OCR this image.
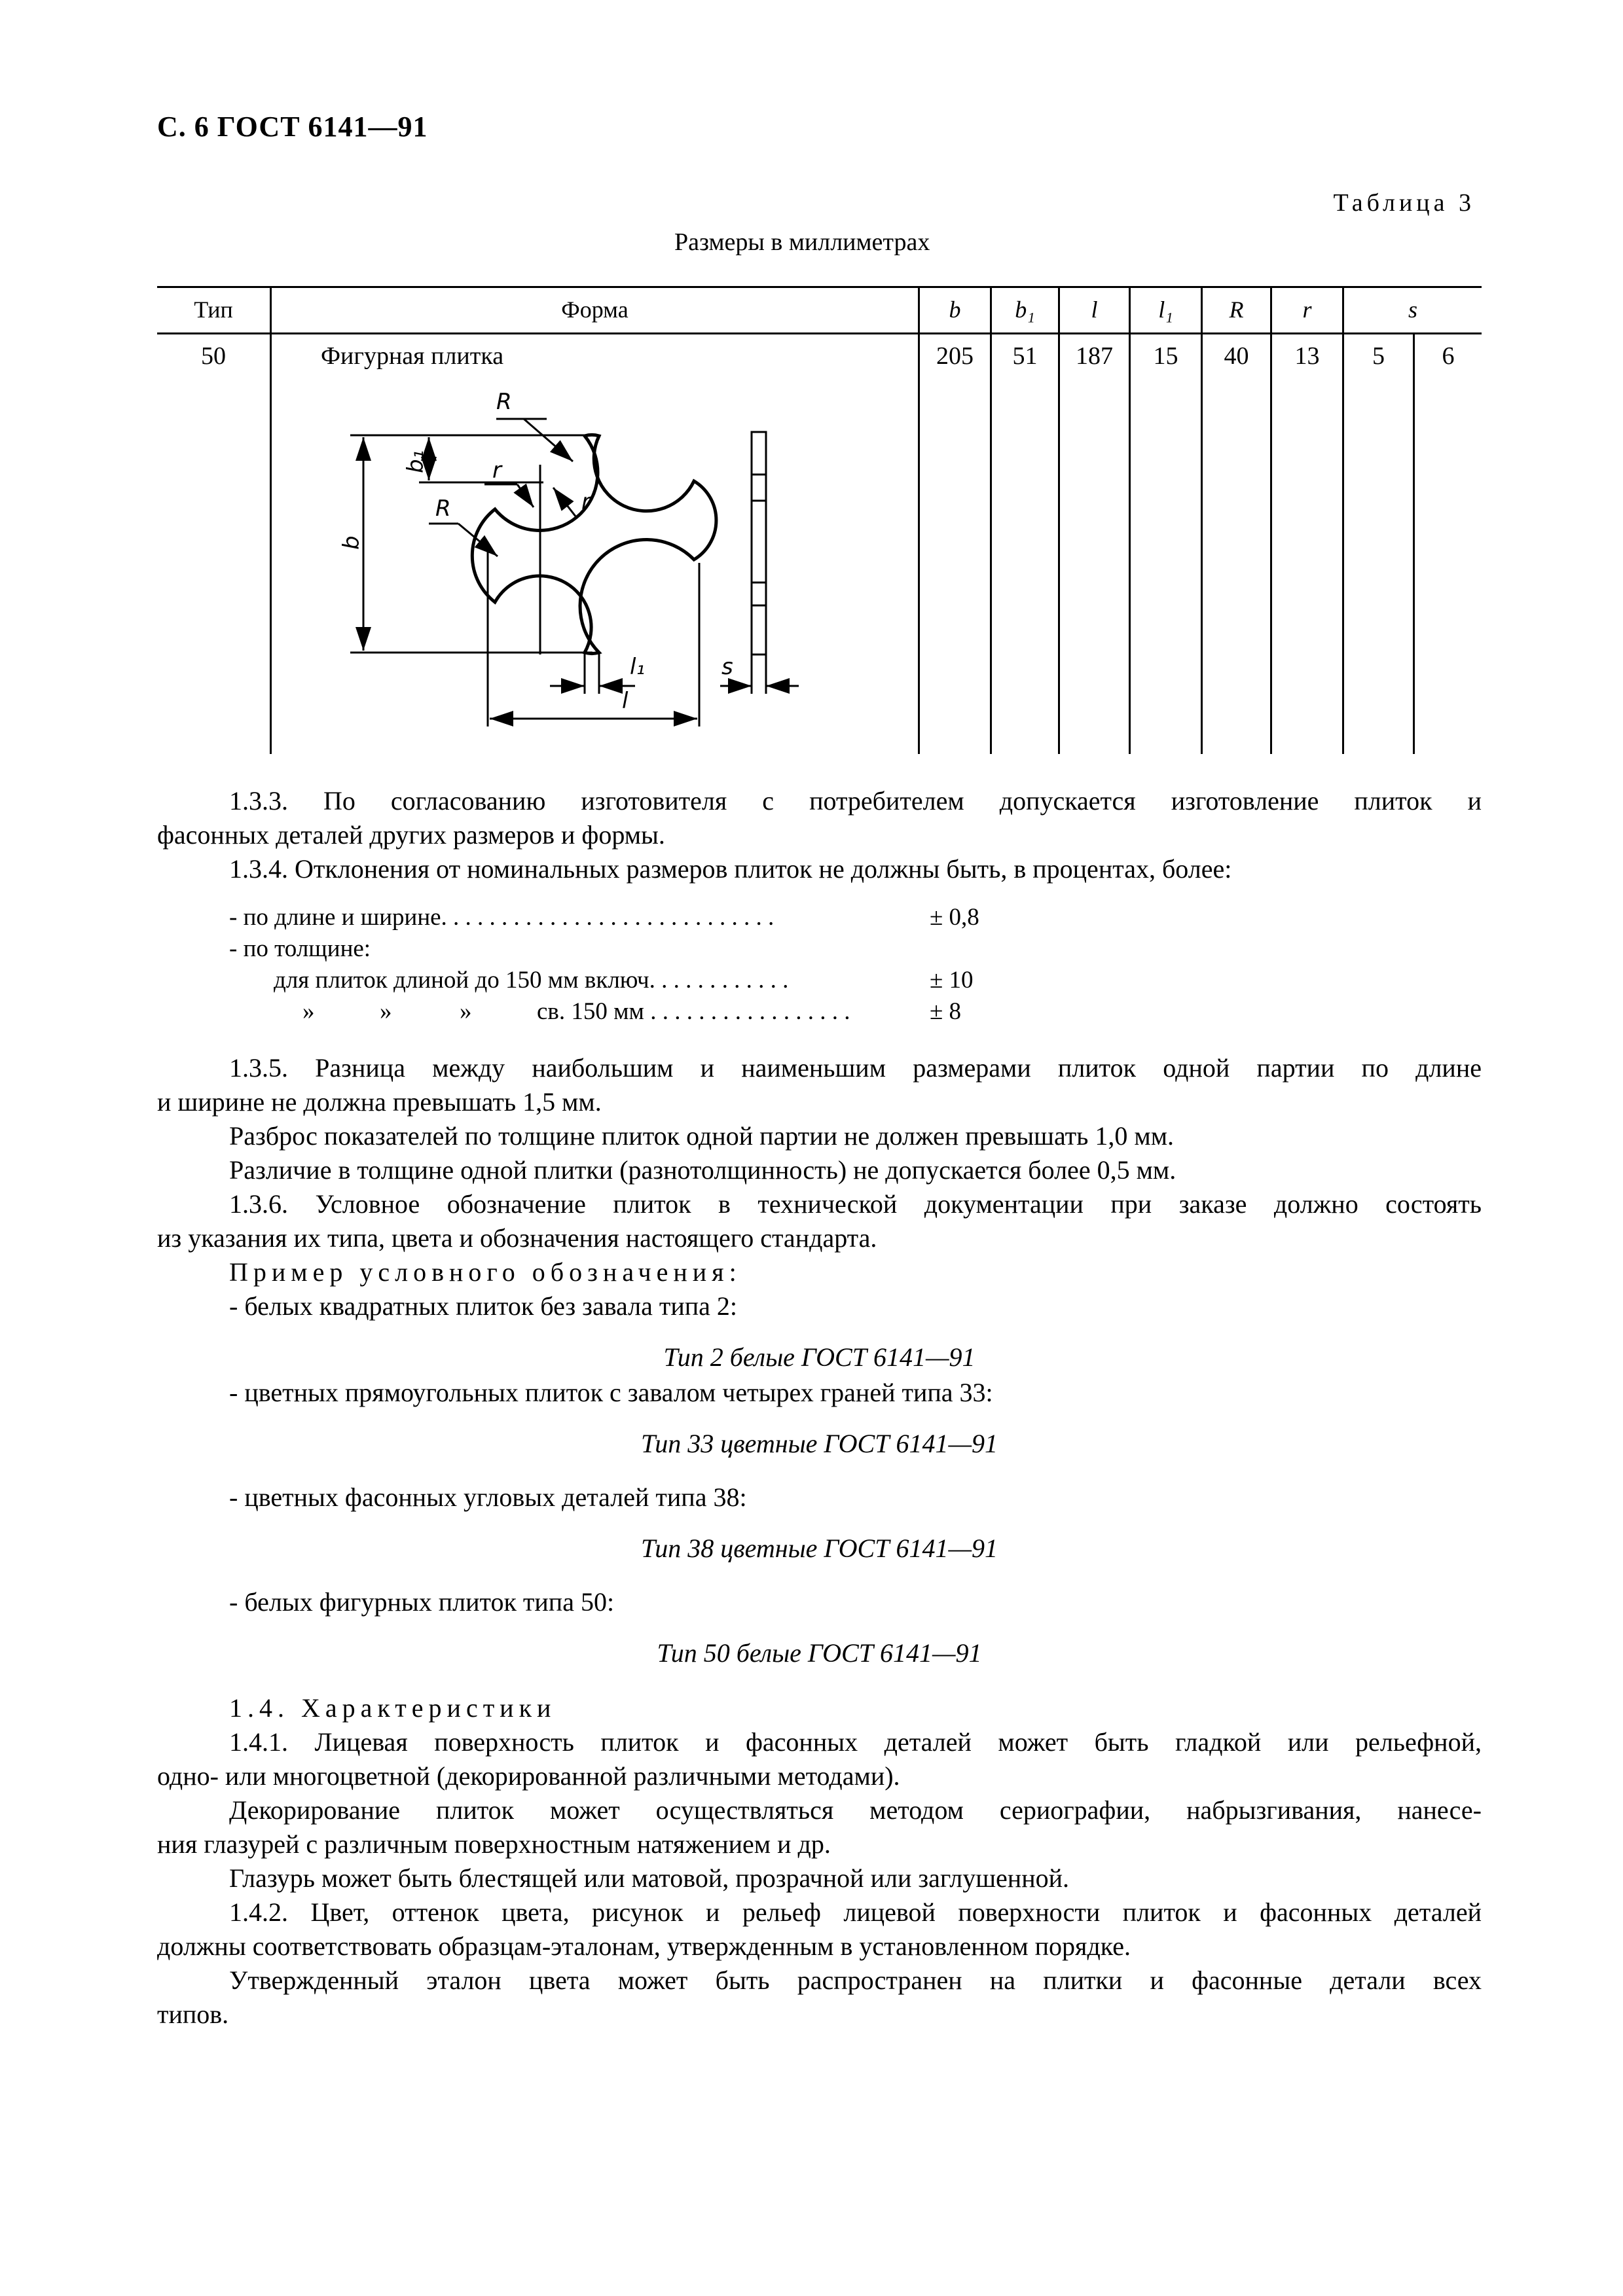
С. 6 ГОСТ 6141—91
Таблица 3
Размеры в миллиметрах
Тип	Форма	b	b₁	l	l₁	R	r	s
50	Фигурная плитка	205	51	187	15	40	13	5	6
R
b₁	r
r
R
b
l₁
l
s
1.3.3. По согласованию изготовителя с потребителем допускается изготовление плиток и
фасонных деталей других размеров и формы.
1.3.4. Отклонения от номинальных размеров плиток не должны быть, в процентах, более:
- по длине и ширине. . . . . . . . . . . . . . . . . . . . . . . . . . . .	± 0,8
- по толщине:
для плиток длиной до 150 мм включ. . . . . . . . . . . .	± 10
»	»	»	св. 150 мм . . . . . . . . . . . . . . . . .	± 8
1.3.5. Разница между наибольшим и наименьшим размерами плиток одной партии по длине
и ширине не должна превышать 1,5 мм.
Разброс показателей по толщине плиток одной партии не должен превышать 1,0 мм.
Различие в толщине одной плитки (разнотолщинность) не допускается более 0,5 мм.
1.3.6. Условное обозначение плиток в технической документации при заказе должно состоять
из указания их типа, цвета и обозначения настоящего стандарта.
Пример условного обозначения:
- белых квадратных плиток без завала типа 2:
Тип 2 белые ГОСТ 6141—91
- цветных прямоугольных плиток с завалом четырех граней типа 33:
Тип 33 цветные ГОСТ 6141—91
- цветных фасонных угловых деталей типа 38:
Тип 38 цветные ГОСТ 6141—91
- белых фигурных плиток типа 50:
Тип 50 белые ГОСТ 6141—91
1.4. Характеристики
1.4.1. Лицевая поверхность плиток и фасонных деталей может быть гладкой или рельефной,
одно- или многоцветной (декорированной различными методами).
Декорирование плиток может осуществляться методом сериографии, набрызгивания, нанесе-
ния глазурей с различным поверхностным натяжением и др.
Глазурь может быть блестящей или матовой, прозрачной или заглушенной.
1.4.2. Цвет, оттенок цвета, рисунок и рельеф лицевой поверхности плиток и фасонных деталей
должны соответствовать образцам-эталонам, утвержденным в установленном порядке.
Утвержденный эталон цвета может быть распространен на плитки и фасонные детали всех
типов.
